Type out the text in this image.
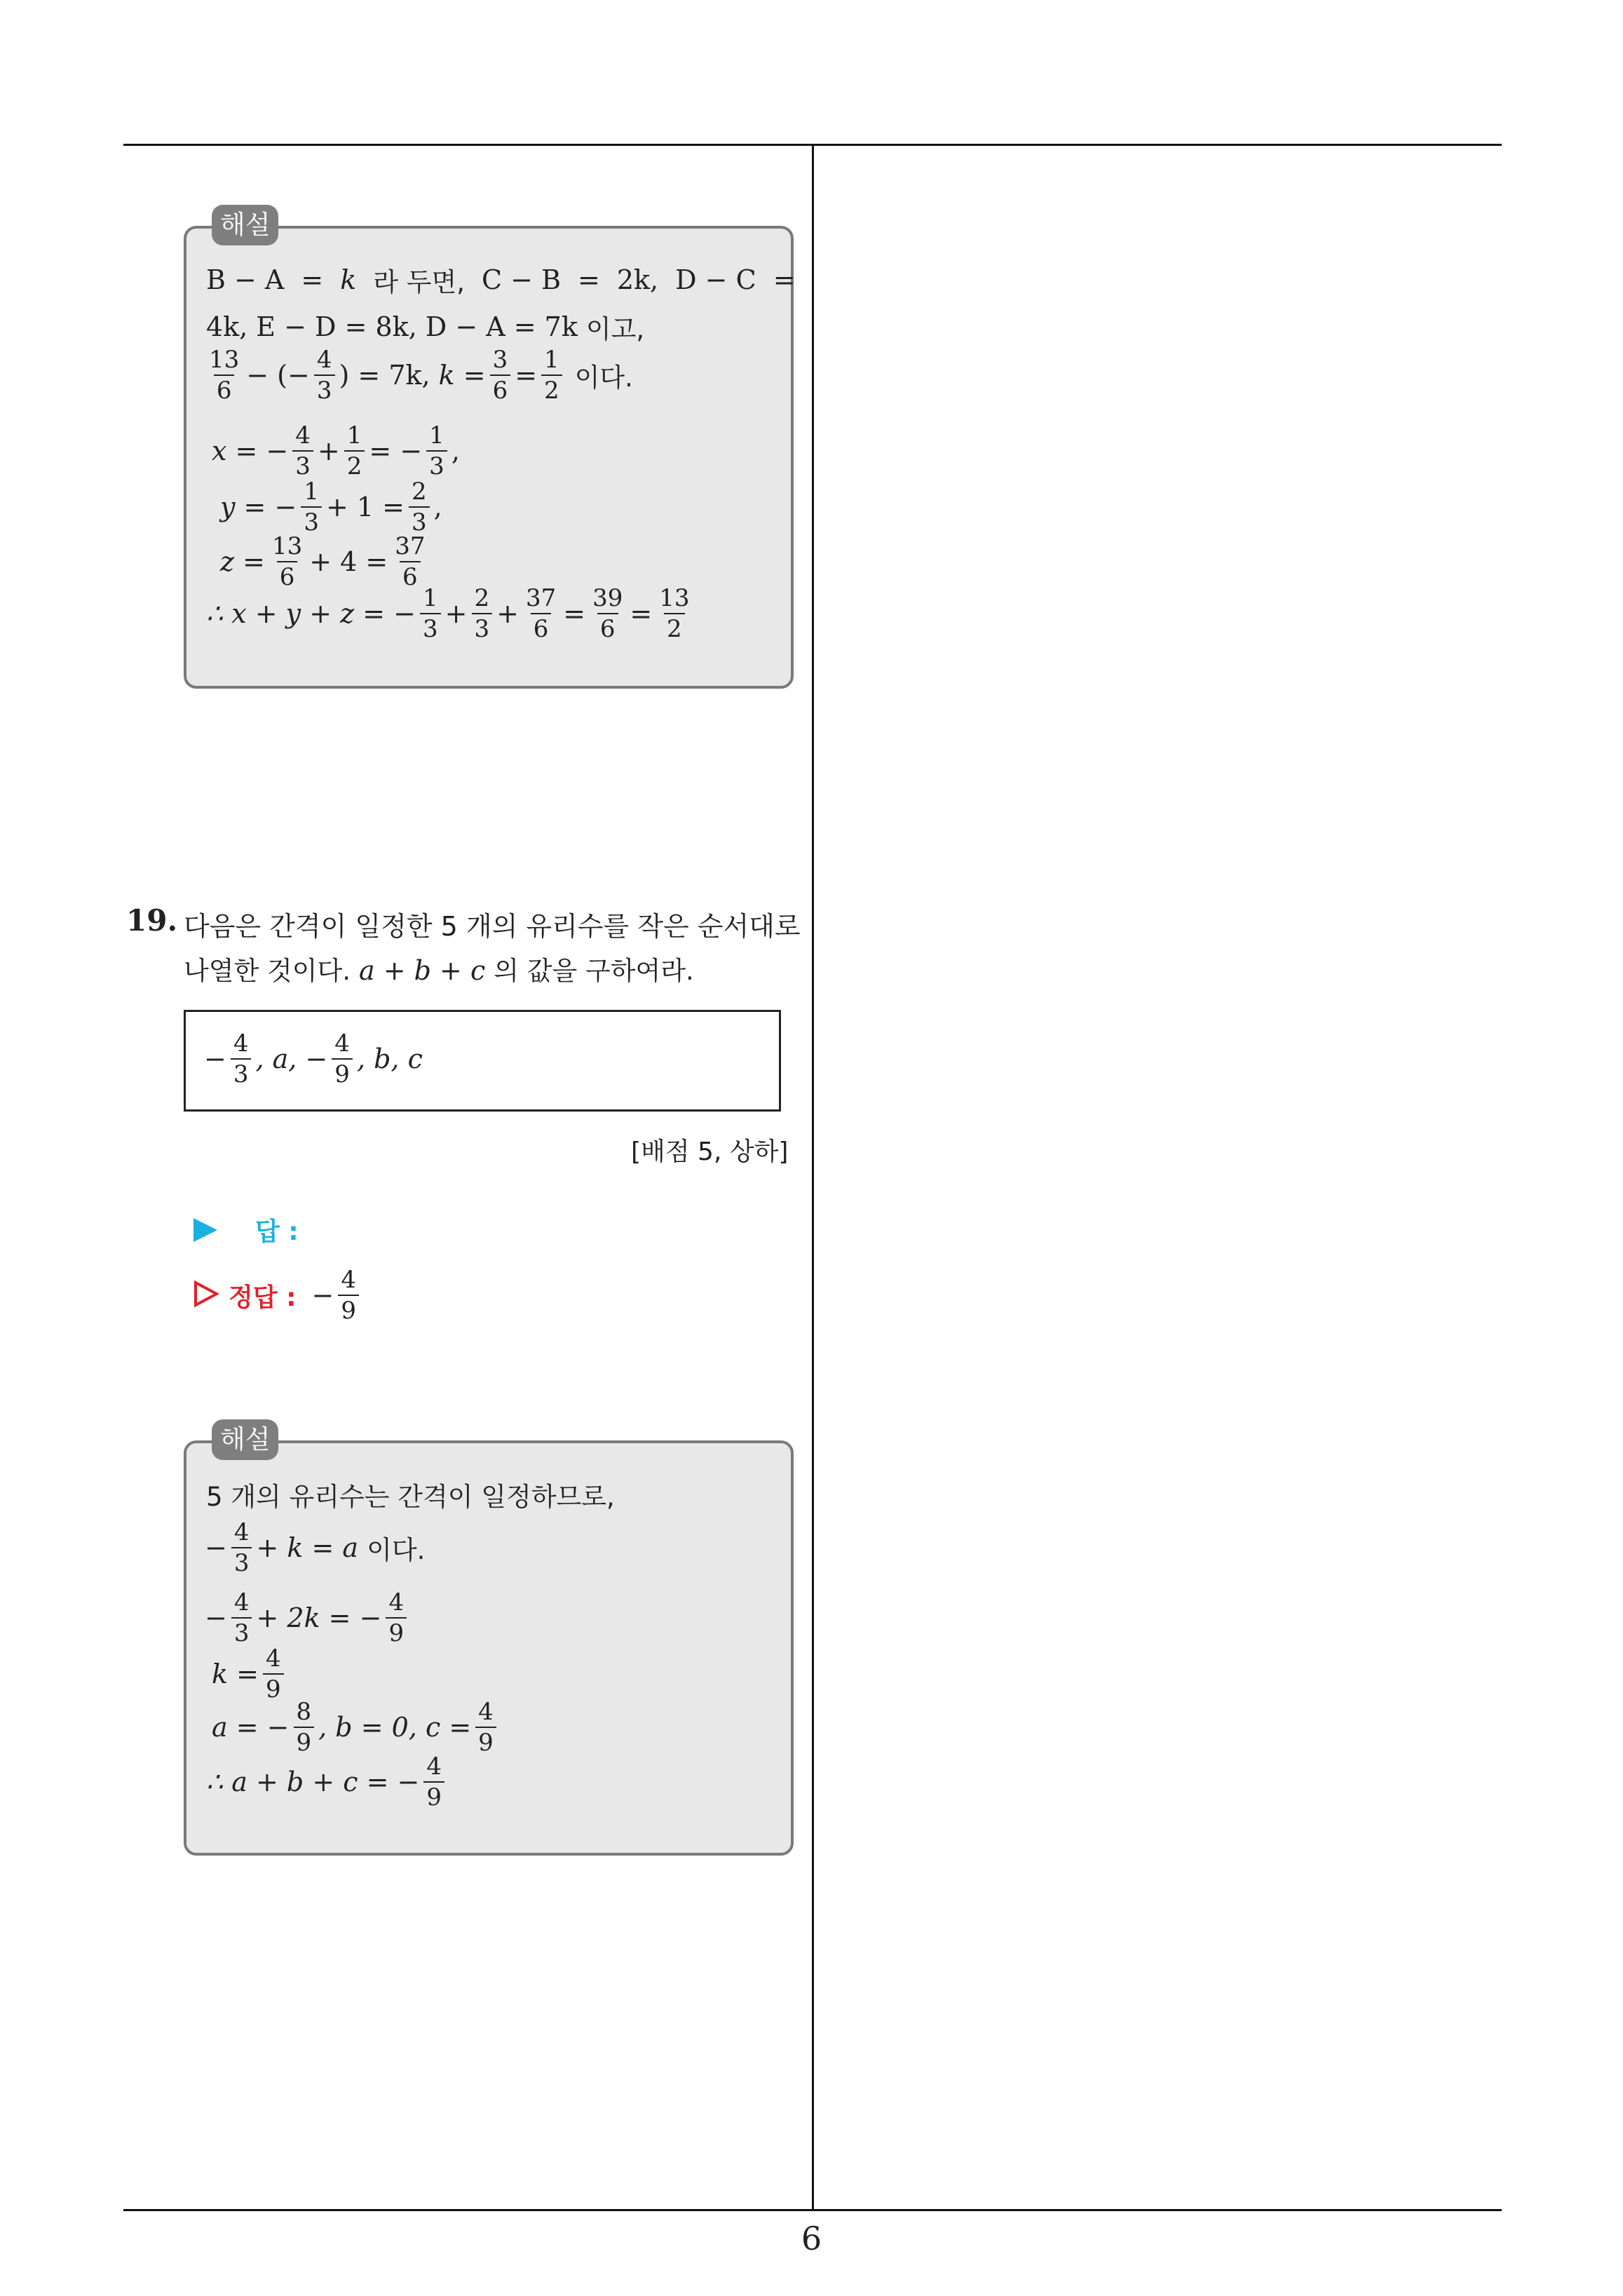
B − A = k 라 두면, C − B = 2k, D − C =
4k, E − D = 8k, D − A = 7k 이고,
$\frac{13}{6}$ − (− $\frac{4}{3}$ ) = 7k, $k = \frac{3}{6} = \frac{1}{2}$ 이다.
x = − $\frac{4}{3} + \frac{1}{2}$ = − $\frac{1}{3}$ ,
y = − $\frac{1}{3} + 1 = \frac{2}{3}$ ,
$z = \frac{13}{6} + 4 = \frac{37}{6}$
∴ x + y + z = − $\frac{1}{3} + \frac{2}{3} + \frac{37}{6} = \frac{39}{6} = \frac{13}{2}$
해설
19. 다음은 간격이 일정한 5 개의 유리수를 작은 순서대로
나열한 것이다. a + b + c 의 값을 구하여라.
− $\frac{4}{3}$ , a, − $\frac{4}{9}$ , b, c
[배점 5, 상하]
답 :
정답 : − $\frac{4}{9}$
5 개의 유리수는 간격이 일정하므로,
− $\frac{4}{3} + k = a$ 이다.
− $\frac{4}{3} + 2k$ = − $\frac{4}{9}$
$k = \frac{4}{9}$
a = − $\frac{8}{9}$ , b = 0, $c = \frac{4}{9}$
∴ a + b + c = − $\frac{4}{9}$
해설
6
